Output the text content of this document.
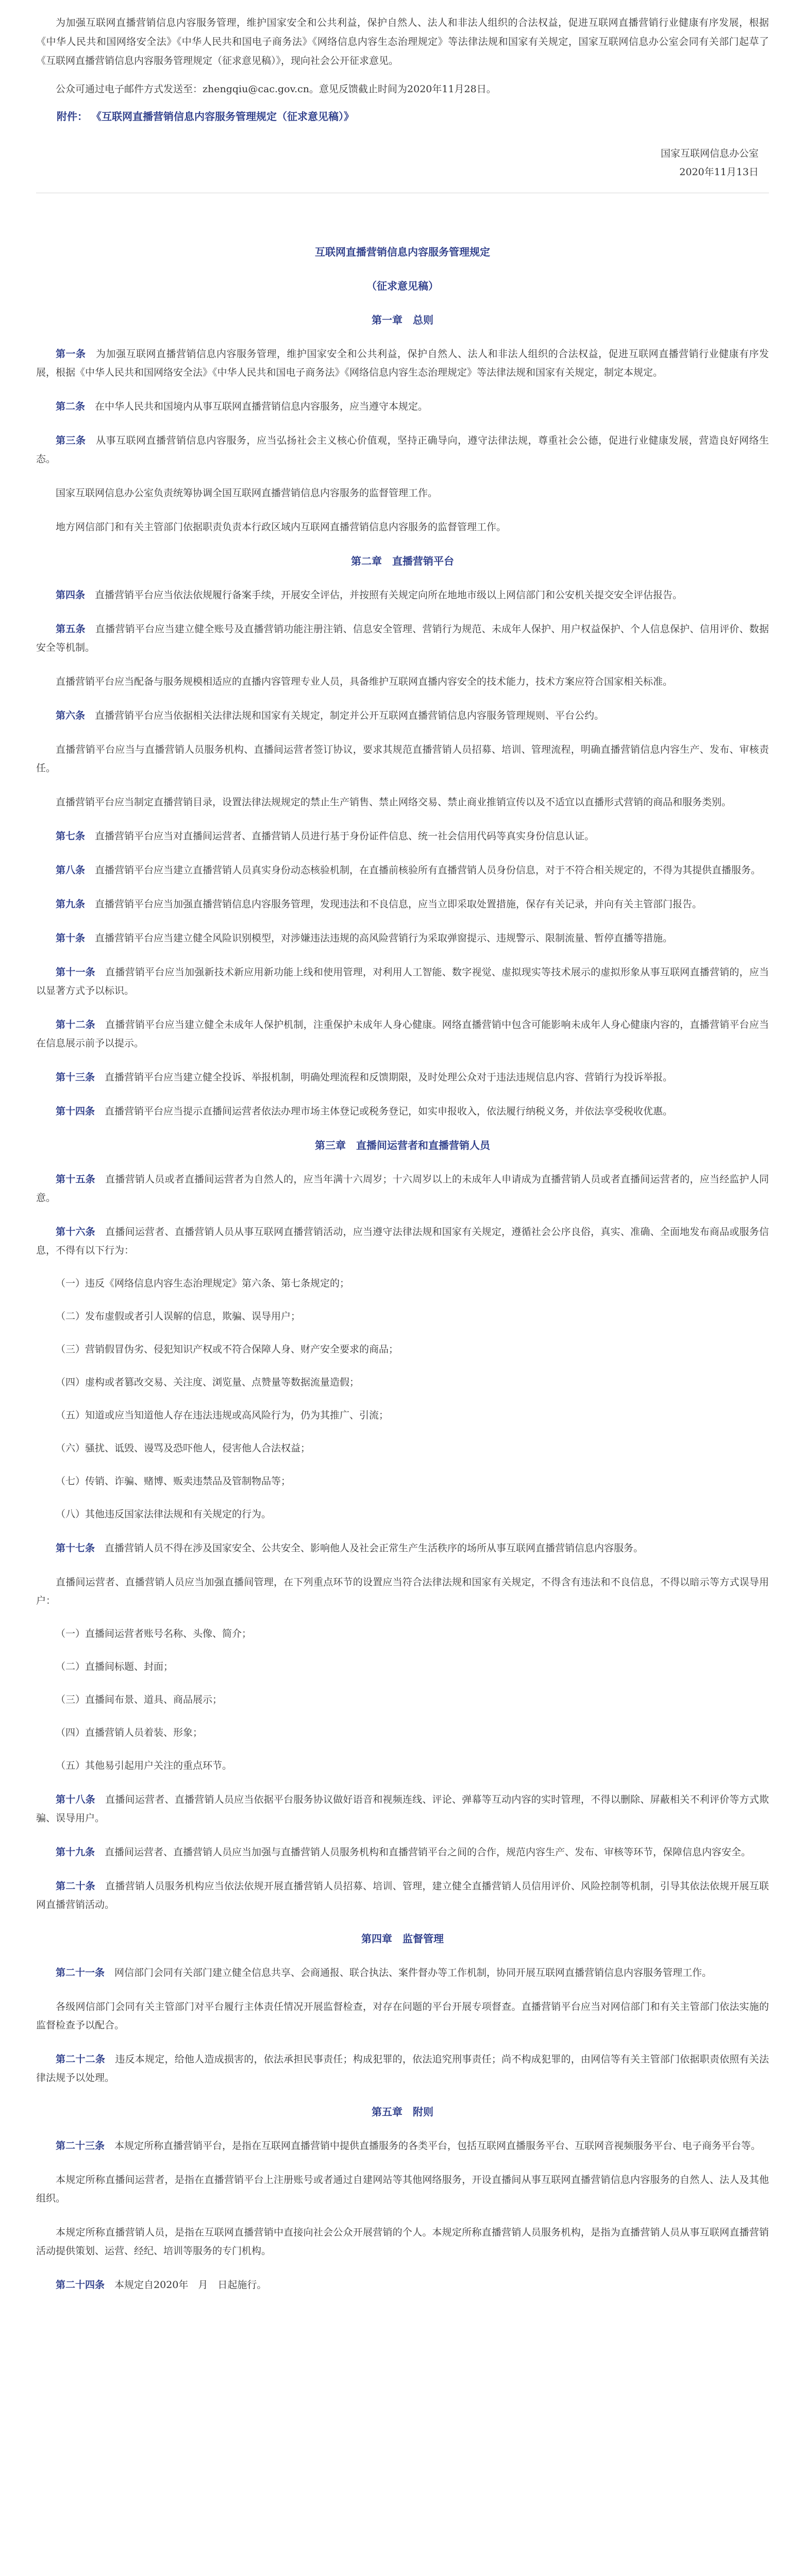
为加强互联网直播营销信息内容服务管理，维护国家安全和公共利益，保护自然人、法人和非法人组织的合法权益，促进互联网直播营销行业健康有序发展，根据《中华人民共和国网络安全法》《中华人民共和国电子商务法》《网络信息内容生态治理规定》等法律法规和国家有关规定，国家互联网信息办公室会同有关部门起草了《互联网直播营销信息内容服务管理规定（征求意见稿）》，现向社会公开征求意见。

公众可通过电子邮件方式发送至：zhengqiu@cac.gov.cn。意见反馈截止时间为2020年11月28日。

附件： 《互联网直播营销信息内容服务管理规定（征求意见稿）》

国家互联网信息办公室

2020年11月13日

互联网直播营销信息内容服务管理规定
（征求意见稿）
第一章　总则

第一条　 为加强互联网直播营销信息内容服务管理，维护国家安全和公共利益，保护自然人、法人和非法人组织的合法权益，促进互联网直播营销行业健康有序发展，根据《中华人民共和国网络安全法》《中华人民共和国电子商务法》《网络信息内容生态治理规定》等法律法规和国家有关规定，制定本规定。

第二条　 在中华人民共和国境内从事互联网直播营销信息内容服务，应当遵守本规定。

第三条　 从事互联网直播营销信息内容服务，应当弘扬社会主义核心价值观，坚持正确导向，遵守法律法规，尊重社会公德，促进行业健康发展，营造良好网络生态。

国家互联网信息办公室负责统筹协调全国互联网直播营销信息内容服务的监督管理工作。

地方网信部门和有关主管部门依据职责负责本行政区域内互联网直播营销信息内容服务的监督管理工作。

第二章　直播营销平台

第四条　 直播营销平台应当依法依规履行备案手续，开展安全评估，并按照有关规定向所在地地市级以上网信部门和公安机关提交安全评估报告。

第五条　 直播营销平台应当建立健全账号及直播营销功能注册注销、信息安全管理、营销行为规范、未成年人保护、用户权益保护、个人信息保护、信用评价、数据安全等机制。

直播营销平台应当配备与服务规模相适应的直播内容管理专业人员，具备维护互联网直播内容安全的技术能力，技术方案应符合国家相关标准。

第六条　 直播营销平台应当依据相关法律法规和国家有关规定，制定并公开互联网直播营销信息内容服务管理规则、平台公约。

直播营销平台应当与直播营销人员服务机构、直播间运营者签订协议，要求其规范直播营销人员招募、培训、管理流程，明确直播营销信息内容生产、发布、审核责任。

直播营销平台应当制定直播营销目录，设置法律法规规定的禁止生产销售、禁止网络交易、禁止商业推销宣传以及不适宜以直播形式营销的商品和服务类别。

第七条　 直播营销平台应当对直播间运营者、直播营销人员进行基于身份证件信息、统一社会信用代码等真实身份信息认证。

第八条　 直播营销平台应当建立直播营销人员真实身份动态核验机制，在直播前核验所有直播营销人员身份信息，对于不符合相关规定的，不得为其提供直播服务。

第九条　 直播营销平台应当加强直播营销信息内容服务管理，发现违法和不良信息，应当立即采取处置措施，保存有关记录，并向有关主管部门报告。

第十条　 直播营销平台应当建立健全风险识别模型，对涉嫌违法违规的高风险营销行为采取弹窗提示、违规警示、限制流量、暂停直播等措施。

第十一条　 直播营销平台应当加强新技术新应用新功能上线和使用管理，对利用人工智能、数字视觉、虚拟现实等技术展示的虚拟形象从事互联网直播营销的，应当以显著方式予以标识。

第十二条　 直播营销平台应当建立健全未成年人保护机制，注重保护未成年人身心健康。网络直播营销中包含可能影响未成年人身心健康内容的，直播营销平台应当在信息展示前予以提示。

第十三条　 直播营销平台应当建立健全投诉、举报机制，明确处理流程和反馈期限，及时处理公众对于违法违规信息内容、营销行为投诉举报。

第十四条　 直播营销平台应当提示直播间运营者依法办理市场主体登记或税务登记，如实申报收入，依法履行纳税义务，并依法享受税收优惠。

第三章　直播间运营者和直播营销人员

第十五条　 直播营销人员或者直播间运营者为自然人的，应当年满十六周岁；十六周岁以上的未成年人申请成为直播营销人员或者直播间运营者的，应当经监护人同意。

第十六条　 直播间运营者、直播营销人员从事互联网直播营销活动，应当遵守法律法规和国家有关规定，遵循社会公序良俗，真实、准确、全面地发布商品或服务信息，不得有以下行为：

（一）违反《网络信息内容生态治理规定》第六条、第七条规定的；

（二）发布虚假或者引人误解的信息，欺骗、误导用户；

（三）营销假冒伪劣、侵犯知识产权或不符合保障人身、财产安全要求的商品；

（四）虚构或者篡改交易、关注度、浏览量、点赞量等数据流量造假；

（五）知道或应当知道他人存在违法违规或高风险行为，仍为其推广、引流；

（六）骚扰、诋毁、谩骂及恐吓他人，侵害他人合法权益；

（七）传销、诈骗、赌博、贩卖违禁品及管制物品等；

（八）其他违反国家法律法规和有关规定的行为。

第十七条　 直播营销人员不得在涉及国家安全、公共安全、影响他人及社会正常生产生活秩序的场所从事互联网直播营销信息内容服务。

直播间运营者、直播营销人员应当加强直播间管理，在下列重点环节的设置应当符合法律法规和国家有关规定，不得含有违法和不良信息，不得以暗示等方式误导用户：

（一）直播间运营者账号名称、头像、简介；

（二）直播间标题、封面；

（三）直播间布景、道具、商品展示；

（四）直播营销人员着装、形象；

（五）其他易引起用户关注的重点环节。

第十八条　 直播间运营者、直播营销人员应当依据平台服务协议做好语音和视频连线、评论、弹幕等互动内容的实时管理，不得以删除、屏蔽相关不利评价等方式欺骗、误导用户。

第十九条　 直播间运营者、直播营销人员应当加强与直播营销人员服务机构和直播营销平台之间的合作，规范内容生产、发布、审核等环节，保障信息内容安全。

第二十条　 直播营销人员服务机构应当依法依规开展直播营销人员招募、培训、管理，建立健全直播营销人员信用评价、风险控制等机制，引导其依法依规开展互联网直播营销活动。

第四章　监督管理

第二十一条　 网信部门会同有关部门建立健全信息共享、会商通报、联合执法、案件督办等工作机制，协同开展互联网直播营销信息内容服务管理工作。

各级网信部门会同有关主管部门对平台履行主体责任情况开展监督检查，对存在问题的平台开展专项督查。直播营销平台应当对网信部门和有关主管部门依法实施的监督检查予以配合。

第二十二条　 违反本规定，给他人造成损害的，依法承担民事责任；构成犯罪的，依法追究刑事责任；尚不构成犯罪的，由网信等有关主管部门依据职责依照有关法律法规予以处理。

第五章　附则

第二十三条　 本规定所称直播营销平台，是指在互联网直播营销中提供直播服务的各类平台，包括互联网直播服务平台、互联网音视频服务平台、电子商务平台等。

本规定所称直播间运营者，是指在直播营销平台上注册账号或者通过自建网站等其他网络服务，开设直播间从事互联网直播营销信息内容服务的自然人、法人及其他组织。

本规定所称直播营销人员，是指在互联网直播营销中直接向社会公众开展营销的个人。本规定所称直播营销人员服务机构，是指为直播营销人员从事互联网直播营销活动提供策划、运营、经纪、培训等服务的专门机构。

第二十四条　 本规定自2020年　月　日起施行。
